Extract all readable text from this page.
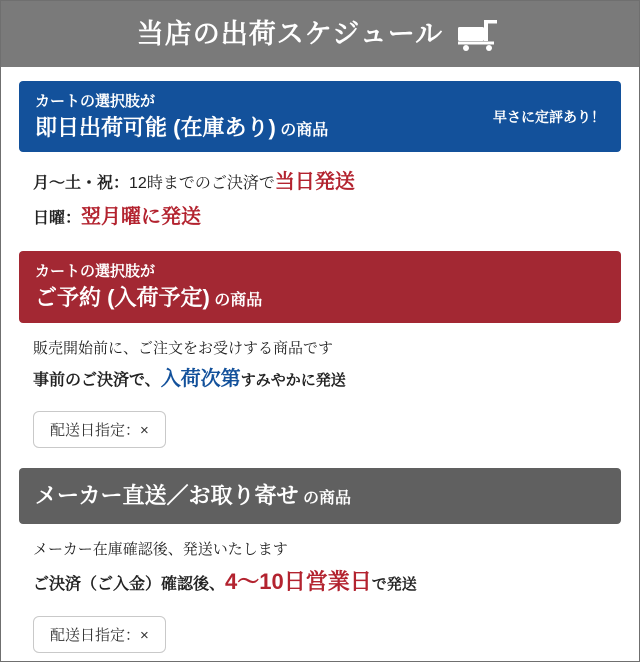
当店の出荷スケジュール
カートの選択肢が
即日出荷可能 (在庫あり) の商品
早さに定評あり！
月〜土・祝：12時までのご決済で当日発送
日曜：翌月曜に発送
カートの選択肢が
ご予約 (入荷予定) の商品
販売開始前に、ご注文をお受けする商品です
事前のご決済で、入荷次第すみやかに発送
配送日指定：×
メーカー直送／お取り寄せ の商品
メーカー在庫確認後、発送いたします
ご決済（ご入金）確認後、4〜10日営業日で発送
配送日指定：×
